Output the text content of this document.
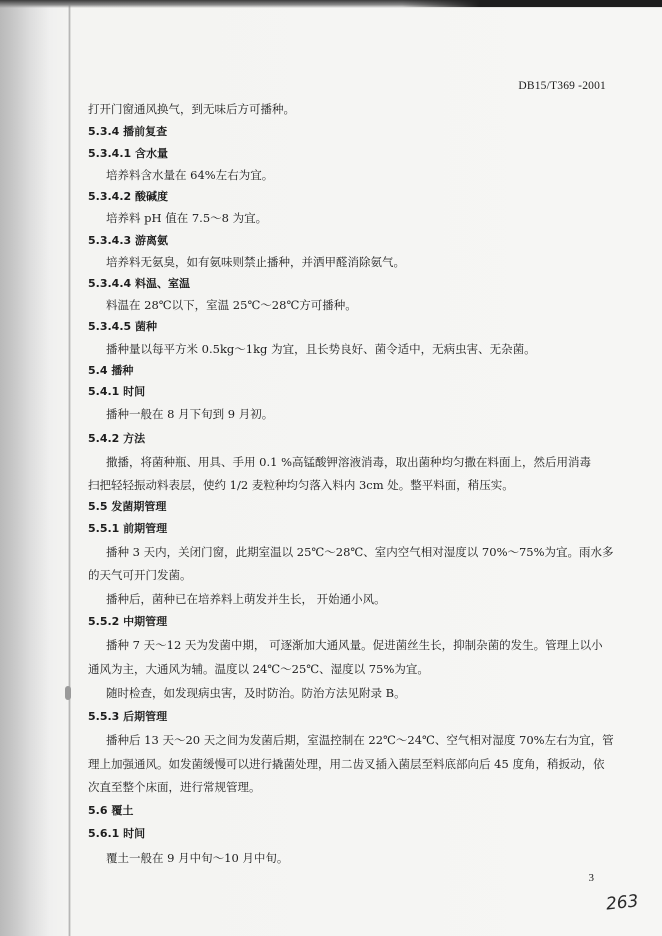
DB15/T369 -2001
打开门窗通风换气，到无味后方可播种。
5.3.4 播前复查
5.3.4.1 含水量
培养料含水量在 64%左右为宜。
5.3.4.2 酸碱度
培养料 pH 值在 7.5～8 为宜。
5.3.4.3 游离氨
培养料无氨臭，如有氨味则禁止播种，并洒甲醛消除氨气。
5.3.4.4 料温、室温
料温在 28℃以下，室温 25℃～28℃方可播种。
5.3.4.5 菌种
播种量以每平方米 0.5kg～1kg 为宜，且长势良好、菌令适中，无病虫害、无杂菌。
5.4 播种
5.4.1 时间
播种一般在 8 月下旬到 9 月初。
5.4.2 方法
撒播，将菌种瓶、用具、手用 0.1 %高锰酸钾溶液消毒，取出菌种均匀撒在料面上，然后用消毒
扫把轻轻振动料表层，使约 1/2 麦粒种均匀落入料内 3cm 处。整平料面，稍压实。
5.5 发菌期管理
5.5.1 前期管理
播种 3 天内，关闭门窗，此期室温以 25℃～28℃、室内空气相对湿度以 70%～75%为宜。雨水多
的天气可开门发菌。
播种后，菌种已在培养料上萌发并生长， 开始通小风。
5.5.2 中期管理
播种 7 天～12 天为发菌中期， 可逐渐加大通风量。促进菌丝生长，抑制杂菌的发生。管理上以小
通风为主，大通风为辅。温度以 24℃～25℃、湿度以 75%为宜。
随时检查，如发现病虫害，及时防治。防治方法见附录 B。
5.5.3 后期管理
播种后 13 天～20 天之间为发菌后期，室温控制在 22℃～24℃、空气相对湿度 70%左右为宜，管
理上加强通风。如发菌缓慢可以进行撬菌处理，用二齿叉插入菌层至料底部向后 45 度角，稍扳动，依
次直至整个床面，进行常规管理。
5.6 覆土
5.6.1 时间
覆土一般在 9 月中旬～10 月中旬。
3
263
